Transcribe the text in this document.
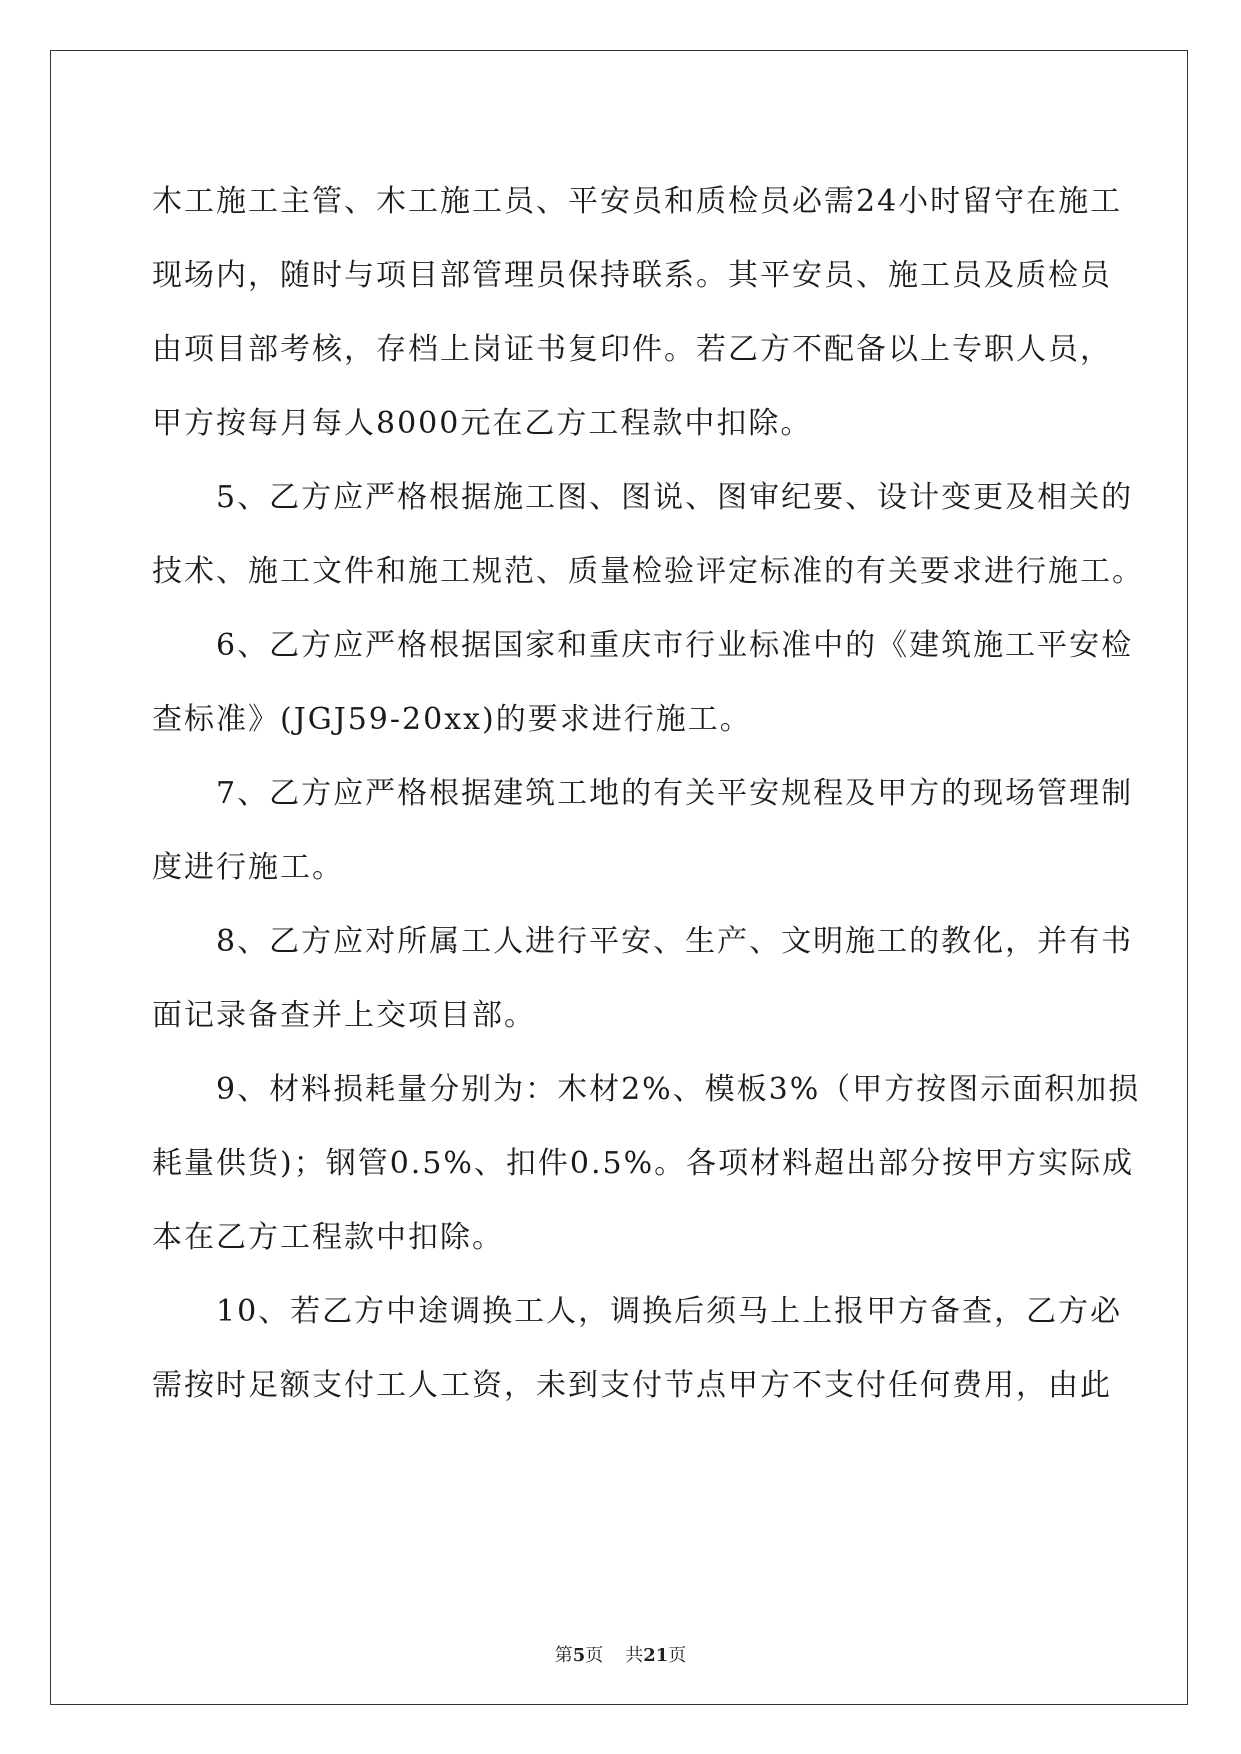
木工施工主管、木工施工员、平安员和质检员必需24小时留守在施工
现场内，随时与项目部管理员保持联系。其平安员、施工员及质检员
由项目部考核，存档上岗证书复印件。若乙方不配备以上专职人员，
甲方按每月每人8000元在乙方工程款中扣除。
　　5、乙方应严格根据施工图、图说、图审纪要、设计变更及相关的
技术、施工文件和施工规范、质量检验评定标准的有关要求进行施工。
　　6、乙方应严格根据国家和重庆市行业标准中的《建筑施工平安检
查标准》(JGJ59-20xx)的要求进行施工。
　　7、乙方应严格根据建筑工地的有关平安规程及甲方的现场管理制
度进行施工。
　　8、乙方应对所属工人进行平安、生产、文明施工的教化，并有书
面记录备查并上交项目部。
　　9、材料损耗量分别为：木材2%、模板3%（甲方按图示面积加损
耗量供货)；钢管0.5%、扣件0.5%。各项材料超出部分按甲方实际成
本在乙方工程款中扣除。
　　10、若乙方中途调换工人，调换后须马上上报甲方备查，乙方必
需按时足额支付工人工资，未到支付节点甲方不支付任何费用，由此
第5页 共21页
